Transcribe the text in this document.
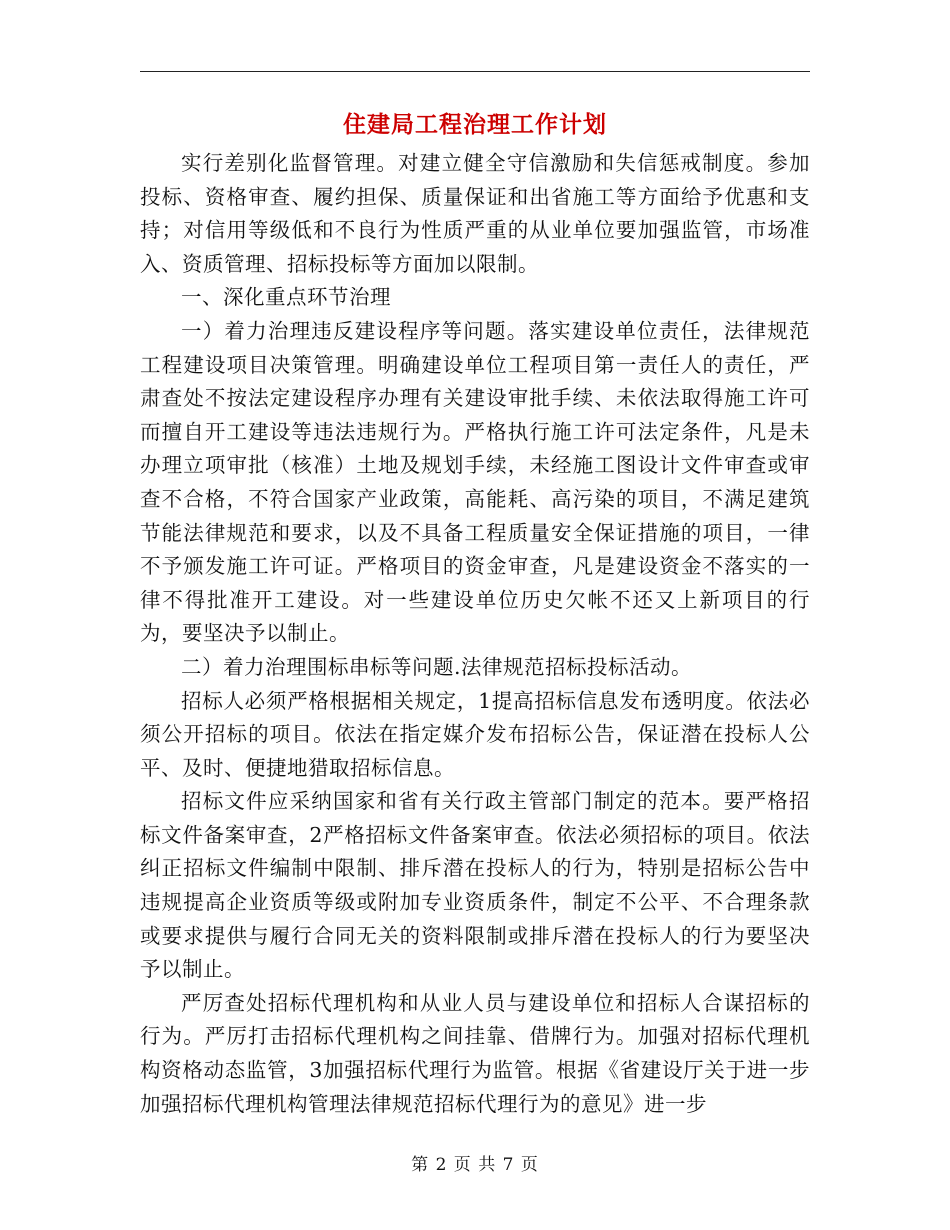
住建局工程治理工作计划

实行差别化监督管理。对建立健全守信激励和失信惩戒制度。参加投标、资格审查、履约担保、质量保证和出省施工等方面给予优惠和支持；对信用等级低和不良行为性质严重的从业单位要加强监管，市场准入、资质管理、招标投标等方面加以限制。

一、深化重点环节治理

一）着力治理违反建设程序等问题。落实建设单位责任，法律规范工程建设项目决策管理。明确建设单位工程项目第一责任人的责任，严肃查处不按法定建设程序办理有关建设审批手续、未依法取得施工许可而擅自开工建设等违法违规行为。严格执行施工许可法定条件，凡是未办理立项审批（核准）土地及规划手续，未经施工图设计文件审查或审查不合格，不符合国家产业政策，高能耗、高污染的项目，不满足建筑节能法律规范和要求，以及不具备工程质量安全保证措施的项目，一律不予颁发施工许可证。严格项目的资金审查，凡是建设资金不落实的一律不得批准开工建设。对一些建设单位历史欠帐不还又上新项目的行为，要坚决予以制止。

二）着力治理围标串标等问题.法律规范招标投标活动。

招标人必须严格根据相关规定，1提高招标信息发布透明度。依法必须公开招标的项目。依法在指定媒介发布招标公告，保证潜在投标人公平、及时、便捷地猎取招标信息。

招标文件应采纳国家和省有关行政主管部门制定的范本。要严格招标文件备案审查，2严格招标文件备案审查。依法必须招标的项目。依法纠正招标文件编制中限制、排斥潜在投标人的行为，特别是招标公告中违规提高企业资质等级或附加专业资质条件，制定不公平、不合理条款或要求提供与履行合同无关的资料限制或排斥潜在投标人的行为要坚决予以制止。

严厉查处招标代理机构和从业人员与建设单位和招标人合谋招标的行为。严厉打击招标代理机构之间挂靠、借牌行为。加强对招标代理机构资格动态监管，3加强招标代理行为监管。根据《省建设厅关于进一步加强招标代理机构管理法律规范招标代理行为的意见》进一步

第 2 页 共 7 页
